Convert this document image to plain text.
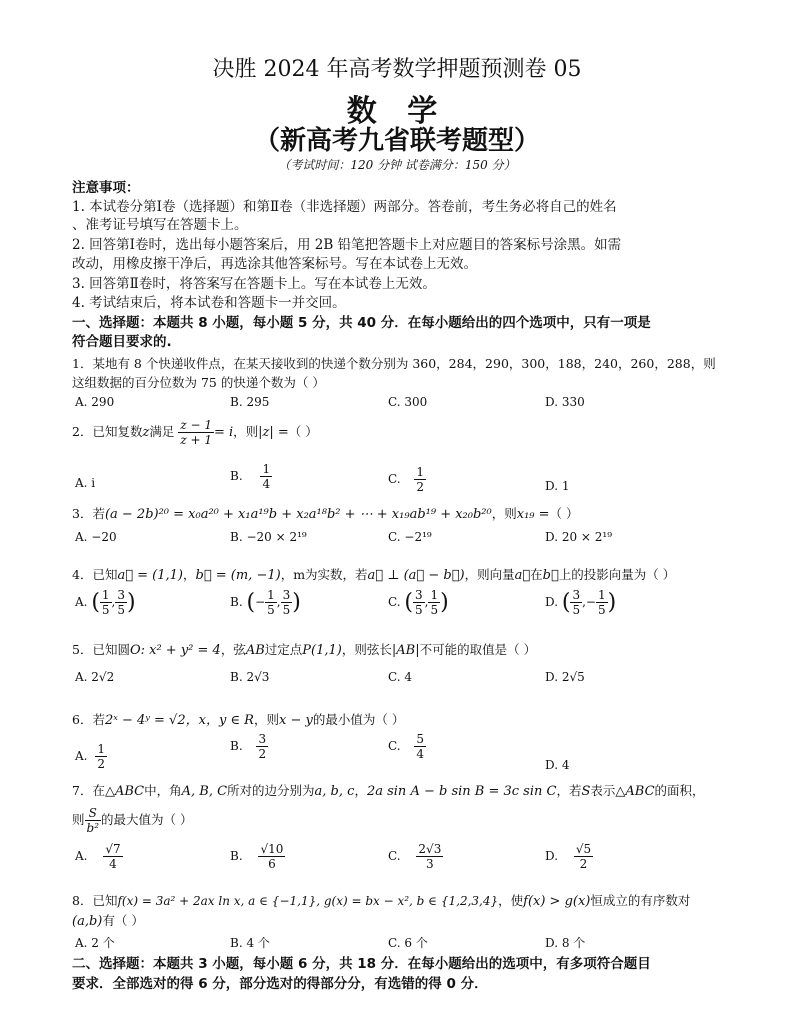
决胜 2024 年高考数学押题预测卷 05
数 学
（新高考九省联考题型）
（考试时间：120 分钟 试卷满分：150 分）
注意事项：
1. 本试卷分第Ⅰ卷（选择题）和第Ⅱ卷（非选择题）两部分。答卷前，考生务必将自己的姓名
、准考证号填写在答题卡上。
2. 回答第Ⅰ卷时，选出每小题答案后，用 2B 铅笔把答题卡上对应题目的答案标号涂黑。如需
改动，用橡皮擦干净后，再选涂其他答案标号。写在本试卷上无效。
3. 回答第Ⅱ卷时，将答案写在答题卡上。写在本试卷上无效。
4. 考试结束后，将本试卷和答题卡一并交回。
一、选择题：本题共 8 小题，每小题 5 分，共 40 分．在每小题给出的四个选项中，只有一项是
符合题目要求的.
1．某地有 8 个快递收件点，在某天接收到的快递个数分别为 360，284，290，300，188，240，260，288，则
这组数据的百分位数为 75 的快递个数为（ ）
A. 290	B. 295	C. 300	D. 330
2．已知复数z满足 $\frac{z - 1}{z + 1} = i$，则|z| =（ ）
A. i	B. $\frac{1}{4}$	C. $\frac{1}{2}$	D. 1
3．若(a − 2b)²⁰ = x₀a²⁰ + x₁a¹⁹b + x₂a¹⁸b² + ⋯ + x₁₉ab¹⁹ + x₂₀b²⁰，则x₁₉ =（ ）
A. −20	B. −20 × 2¹⁹	C. −2¹⁹	D. 20 × 2¹⁹
4．已知a⃗ = (1,1)，b⃗ = (m, −1)，m为实数，若a⃗ ⊥ (a⃗ − b⃗)，则向量a⃗在b⃗上的投影向量为（ ）
A. ( $\frac{1}{5}$ , $\frac{3}{5}$ )	B. (− $\frac{1}{5}$ , $\frac{3}{5}$ )	C. ( $\frac{3}{5}$ , $\frac{1}{5}$ )	D. ( $\frac{3}{5}$ ,− $\frac{1}{5}$ )
5．已知圆O: x² + y² = 4，弦AB过定点P(1,1)，则弦长|AB|不可能的取值是（ ）
A. 2√2	B. 2√3	C. 4	D. 2√5
6．若2ˣ − 4ʸ = √2，x，y ∈ R，则x − y的最小值为（ ）
A. $\frac{1}{2}$	B. $\frac{3}{2}$	C. $\frac{5}{4}$
D. 4
7．在△ABC中，角A, B, C所对的边分别为a, b, c，2a sin A − b sin B = 3c sin C，若S表示△ABC的面积，
则 $\frac{S}{\text{b²}}$ 的最大值为（ ）
A. $\frac{√7}{4}$	B. $\frac{√10}{6}$	C. $\frac{2√3}{3}$	D. $\frac{√5}{2}$
8．已知f(x) = 3a² + 2ax ln x, a ∈ {−1,1}, g(x) = bx − x², b ∈ {1,2,3,4}，使f(x) > g(x)恒成立的有序数对
(a,b)有（ ）
A. 2 个	B. 4 个	C. 6 个	D. 8 个
二、选择题：本题共 3 小题，每小题 6 分，共 18 分．在每小题给出的选项中，有多项符合题目
要求．全部选对的得 6 分，部分选对的得部分分，有选错的得 0 分．
